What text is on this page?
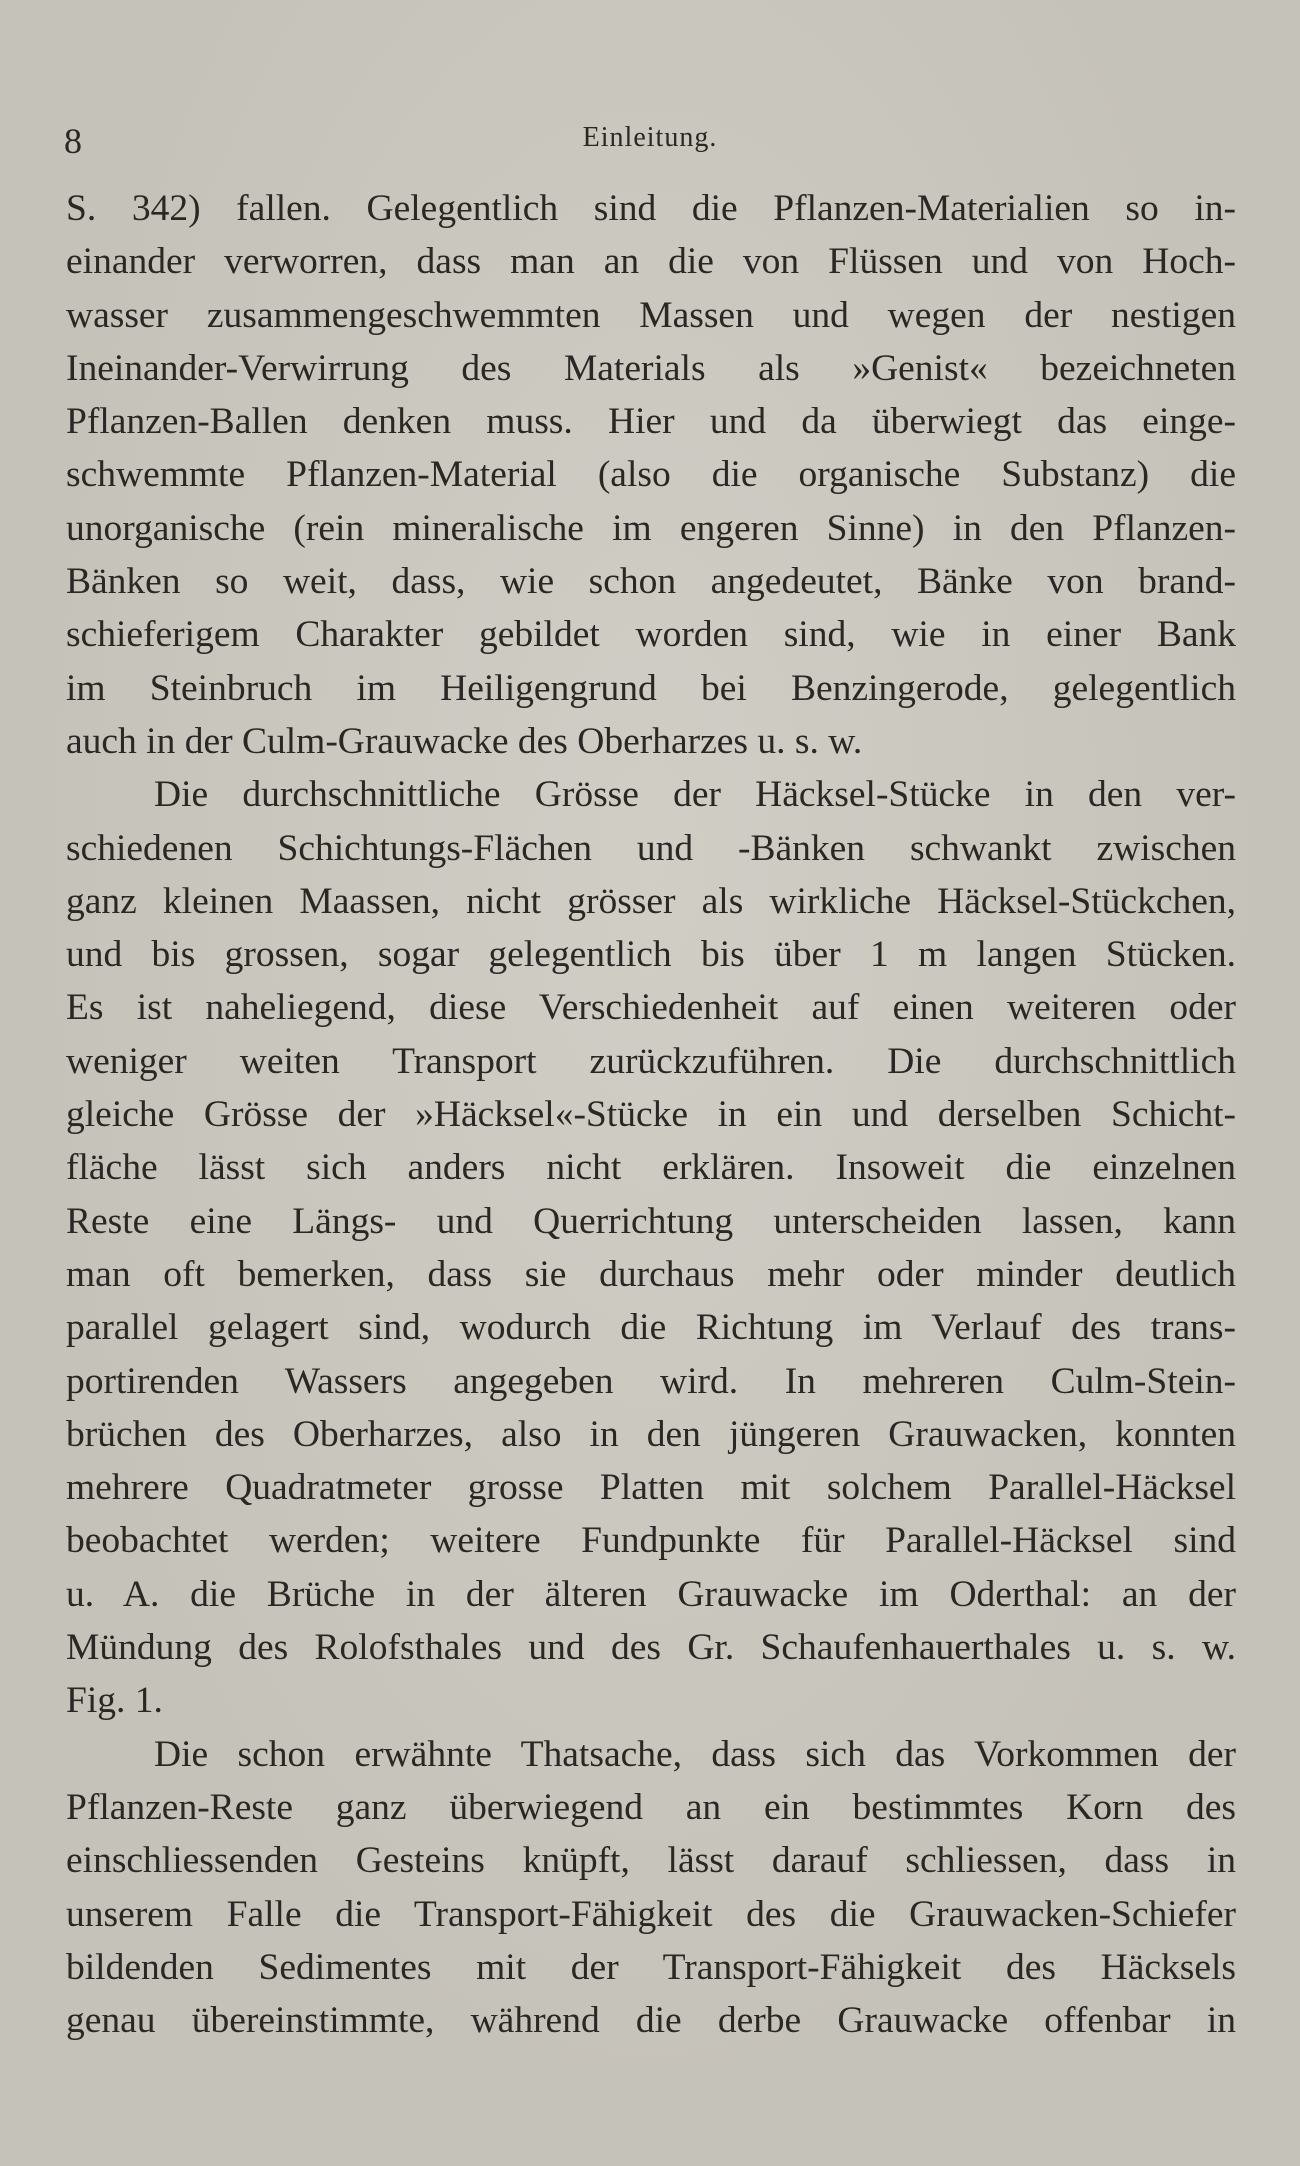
8	Einleitung.
S. 342) fallen. Gelegentlich sind die Pflanzen-Materialien so in-
einander verworren, dass man an die von Flüssen und von Hoch-
wasser zusammengeschwemmten Massen und wegen der nestigen
Ineinander-Verwirrung des Materials als »Genist« bezeichneten
Pflanzen-Ballen denken muss. Hier und da überwiegt das einge-
schwemmte Pflanzen-Material (also die organische Substanz) die
unorganische (rein mineralische im engeren Sinne) in den Pflanzen-
Bänken so weit, dass, wie schon angedeutet, Bänke von brand-
schieferigem Charakter gebildet worden sind, wie in einer Bank
im Steinbruch im Heiligengrund bei Benzingerode, gelegentlich
auch in der Culm-Grauwacke des Oberharzes u. s. w.
Die durchschnittliche Grösse der Häcksel-Stücke in den ver-
schiedenen Schichtungs-Flächen und -Bänken schwankt zwischen
ganz kleinen Maassen, nicht grösser als wirkliche Häcksel-Stückchen,
und bis grossen, sogar gelegentlich bis über 1 m langen Stücken.
Es ist naheliegend, diese Verschiedenheit auf einen weiteren oder
weniger weiten Transport zurückzuführen. Die durchschnittlich
gleiche Grösse der »Häcksel«-Stücke in ein und derselben Schicht-
fläche lässt sich anders nicht erklären. Insoweit die einzelnen
Reste eine Längs- und Querrichtung unterscheiden lassen, kann
man oft bemerken, dass sie durchaus mehr oder minder deutlich
parallel gelagert sind, wodurch die Richtung im Verlauf des trans-
portirenden Wassers angegeben wird. In mehreren Culm-Stein-
brüchen des Oberharzes, also in den jüngeren Grauwacken, konnten
mehrere Quadratmeter grosse Platten mit solchem Parallel-Häcksel
beobachtet werden; weitere Fundpunkte für Parallel-Häcksel sind
u. A. die Brüche in der älteren Grauwacke im Oderthal: an der
Mündung des Rolofsthales und des Gr. Schaufenhauerthales u. s. w.
Fig. 1.
Die schon erwähnte Thatsache, dass sich das Vorkommen der
Pflanzen-Reste ganz überwiegend an ein bestimmtes Korn des
einschliessenden Gesteins knüpft, lässt darauf schliessen, dass in
unserem Falle die Transport-Fähigkeit des die Grauwacken-Schiefer
bildenden Sedimentes mit der Transport-Fähigkeit des Häcksels
genau übereinstimmte, während die derbe Grauwacke offenbar in
